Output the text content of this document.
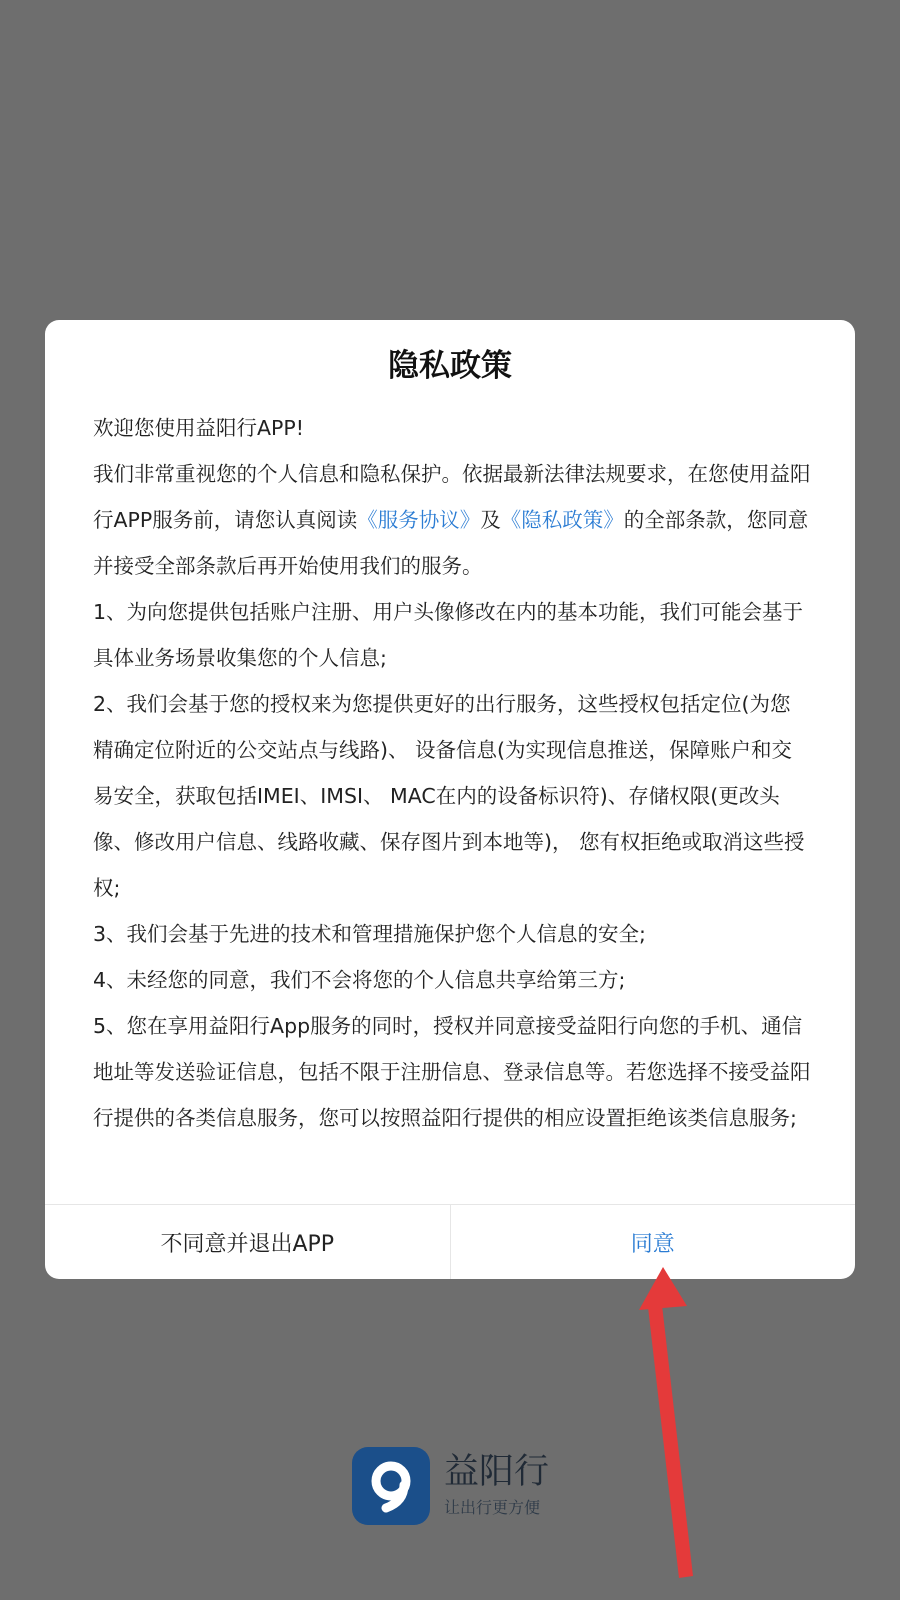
隐私政策

欢迎您使用益阳行APP!

我们非常重视您的个人信息和隐私保护。依据最新法律法规要求，在您使用益阳行APP服务前，请您认真阅读《服务协议》及《隐私政策》的全部条款，您同意并接受全部条款后再开始使用我们的服务。

1、为向您提供包括账户注册、用户头像修改在内的基本功能，我们可能会基于具体业务场景收集您的个人信息;

2、我们会基于您的授权来为您提供更好的出行服务，这些授权包括定位(为您精确定位附近的公交站点与线路)、 设备信息(为实现信息推送，保障账户和交易安全，获取包括IMEI、IMSI、 MAC在内的设备标识符)、存储权限(更改头像、修改用户信息、线路收藏、保存图片到本地等)， 您有权拒绝或取消这些授权;

3、我们会基于先进的技术和管理措施保护您个人信息的安全;

4、未经您的同意，我们不会将您的个人信息共享给第三方;

5、您在享用益阳行App服务的同时，授权并同意接受益阳行向您的手机、通信地址等发送验证信息，包括不限于注册信息、登录信息等。若您选择不接受益阳行提供的各类信息服务，您可以按照益阳行提供的相应设置拒绝该类信息服务;

不同意并退出APP	同意
益阳行
让出行更方便
